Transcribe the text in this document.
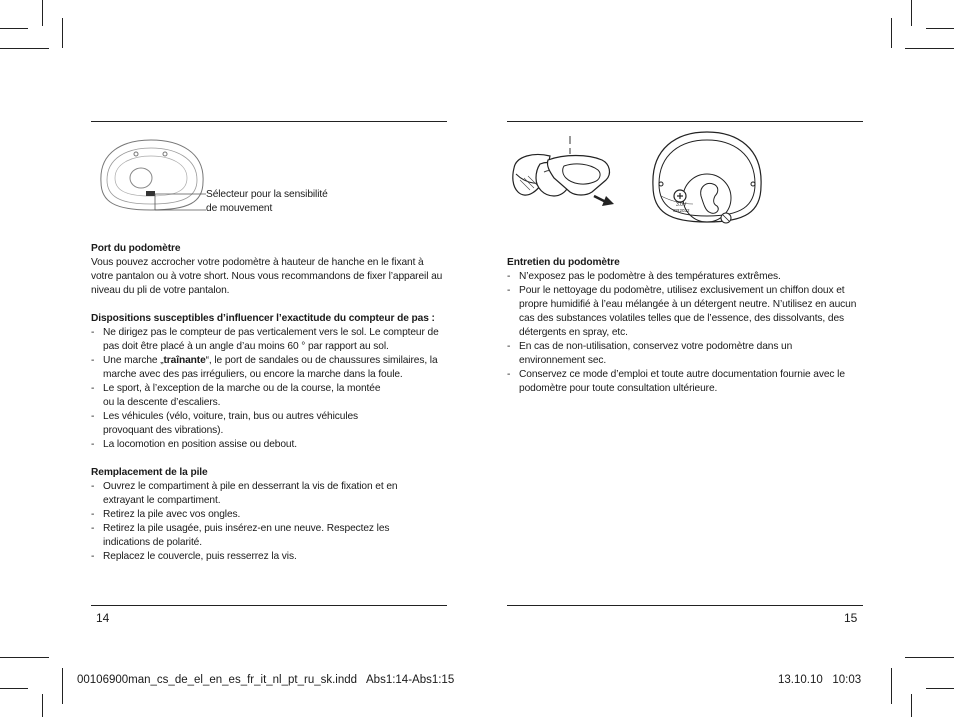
Sélecteur pour la sensibilité de mouvement
Port du podomètre
Vous pouvez accrocher votre podomètre à hauteur de hanche en le fixant à votre pantalon ou à votre short. Nous vous recommandons de fixer l’appareil au niveau du pli de votre pantalon.
Dispositions susceptibles d’influencer l’exactitude du compteur de pas :
- Ne dirigez pas le compteur de pas verticalement vers le sol. Le compteur de pas doit être placé à un angle d’au moins 60 ° par rapport au sol.
- Une marche „traînante“, le port de sandales ou de chaussures similaires, la marche avec des pas irréguliers, ou encore la marche dans la foule.
- Le sport, à l’exception de la marche ou de la course, la montée ou la descente d’escaliers.
- Les véhicules (vélo, voiture, train, bus ou autres véhicules provoquant des vibrations).
- La locomotion en position assise ou debout.
Remplacement de la pile
- Ouvrez le compartiment à pile en desserrant la vis de fixation et en extrayant le compartiment.
- Retirez la pile avec vos ongles.
- Retirez la pile usagée, puis insérez-en une neuve. Respectez les indications de polarité.
- Replacez le couvercle, puis resserrez la vis.
14
3.0V
CR2032
Entretien du podomètre
- N’exposez pas le podomètre à des températures extrêmes.
- Pour le nettoyage du podomètre, utilisez exclusivement un chiffon doux et propre humidifié à l’eau mélangée à un détergent neutre. N’utilisez en aucun cas des substances volatiles telles que de l’essence, des dissolvants, des détergents en spray, etc.
- En cas de non-utilisation, conservez votre podomètre dans un environnement sec.
- Conservez ce mode d’emploi et toute autre documentation fournie avec le podomètre pour toute consultation ultérieure.
15
00106900man_cs_de_el_en_es_fr_it_nl_pt_ru_sk.indd   Abs1:14-Abs1:15	13.10.10   10:03
